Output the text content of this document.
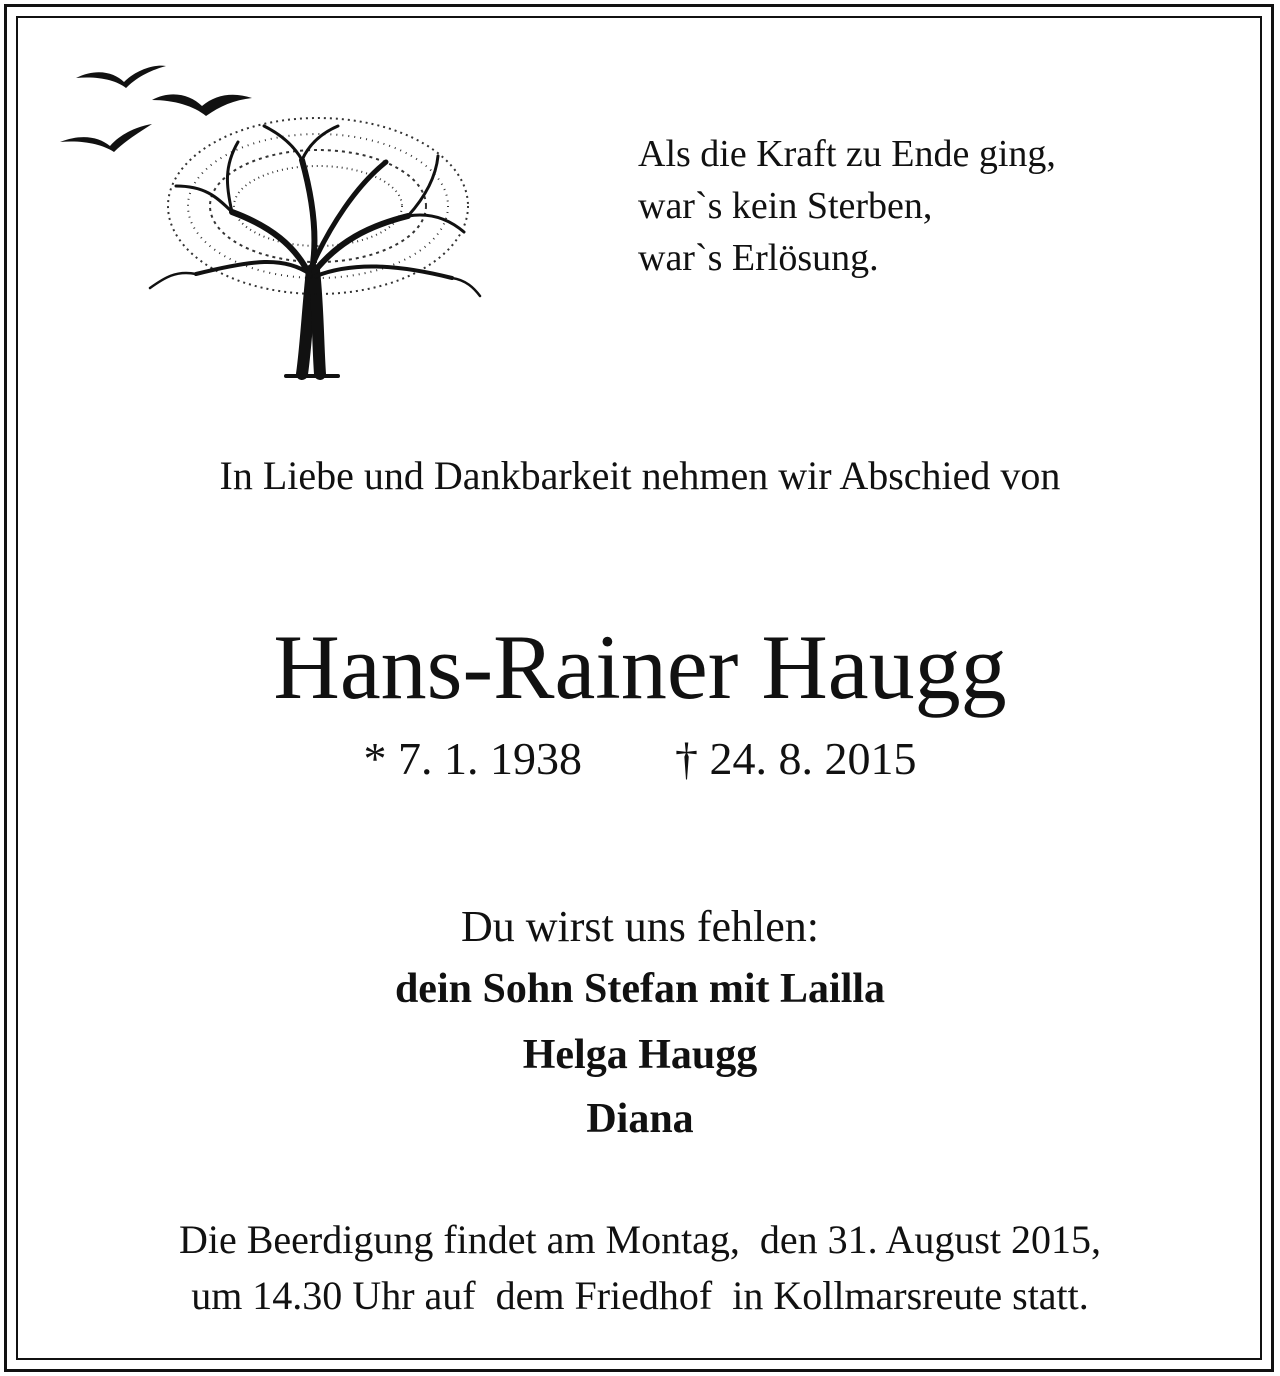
Als die Kraft zu Ende ging,
war`s kein Sterben,
war`s Erlösung.
In Liebe und Dankbarkeit nehmen wir Abschied von
Hans-Rainer Haugg
* 7. 1. 1938 † 24. 8. 2015
Du wirst uns fehlen:
dein Sohn Stefan mit Lailla
Helga Haugg
Diana
Die Beerdigung findet am Montag,  den 31. August 2015,
um 14.30 Uhr auf  dem Friedhof  in Kollmarsreute statt.
